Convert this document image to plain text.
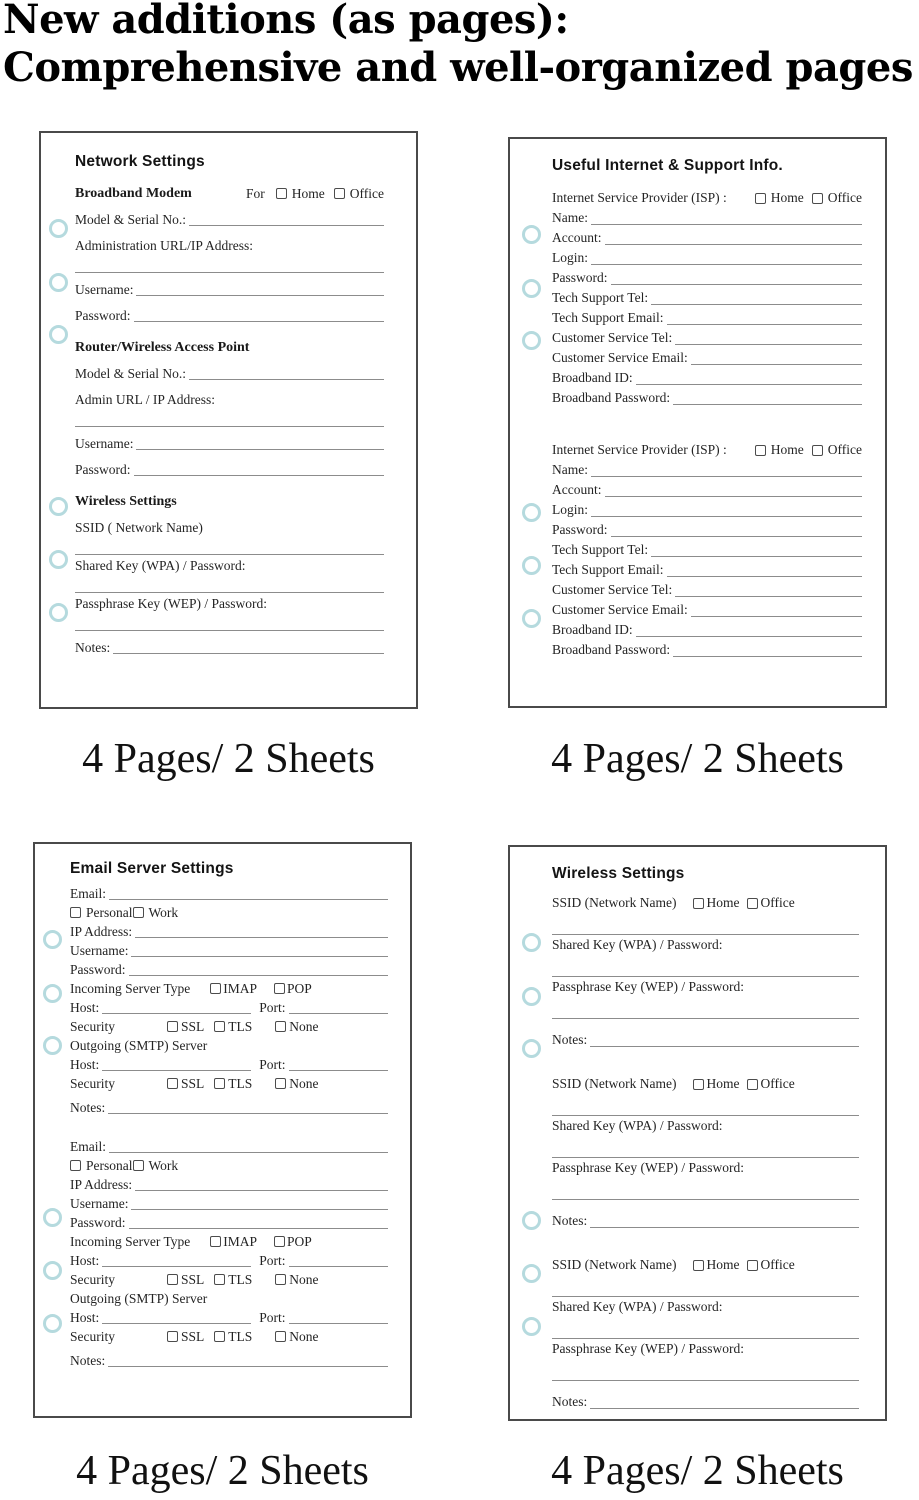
New additions (as pages):
Comprehensive and well-organized pages
Network Settings
Broadband Modem	For Home Office
Model & Serial No.:
Administration URL/IP Address:
Username:
Password:
Router/Wireless Access Point
Model & Serial No.:
Admin URL / IP Address:
Username:
Password:
Wireless Settings
SSID ( Network Name)
Shared Key (WPA) / Password:
Passphrase Key (WEP) / Password:
Notes:
Useful Internet & Support Info.
Internet Service Provider (ISP) :	Home Office
Name:
Account:
Login:
Password:
Tech Support Tel:
Tech Support Email:
Customer Service Tel:
Customer Service Email:
Broadband ID:
Broadband Password:
Internet Service Provider (ISP) :	Home Office
Name:
Account:
Login:
Password:
Tech Support Tel:
Tech Support Email:
Customer Service Tel:
Customer Service Email:
Broadband ID:
Broadband Password:
Email Server Settings
Email:
Personal Work
IP Address:
Username:
Password:
Incoming Server Type IMAP POP
Host:	Port:
Security	SSL TLS	None
Outgoing (SMTP) Server
Host:	Port:
Security	SSL TLS	None
Notes:
Email:
Personal Work
IP Address:
Username:
Password:
Incoming Server Type IMAP POP
Host:	Port:
Security	SSL TLS	None
Outgoing (SMTP) Server
Host:	Port:
Security	SSL TLS	None
Notes:
Wireless Settings
SSID (Network Name) Home Office
Shared Key (WPA) / Password:
Passphrase Key (WEP) / Password:
Notes:
SSID (Network Name) Home Office
Shared Key (WPA) / Password:
Passphrase Key (WEP) / Password:
Notes:
SSID (Network Name) Home Office
Shared Key (WPA) / Password:
Passphrase Key (WEP) / Password:
Notes:
4 Pages/ 2 Sheets	4 Pages/ 2 Sheets
4 Pages/ 2 Sheets	4 Pages/ 2 Sheets
